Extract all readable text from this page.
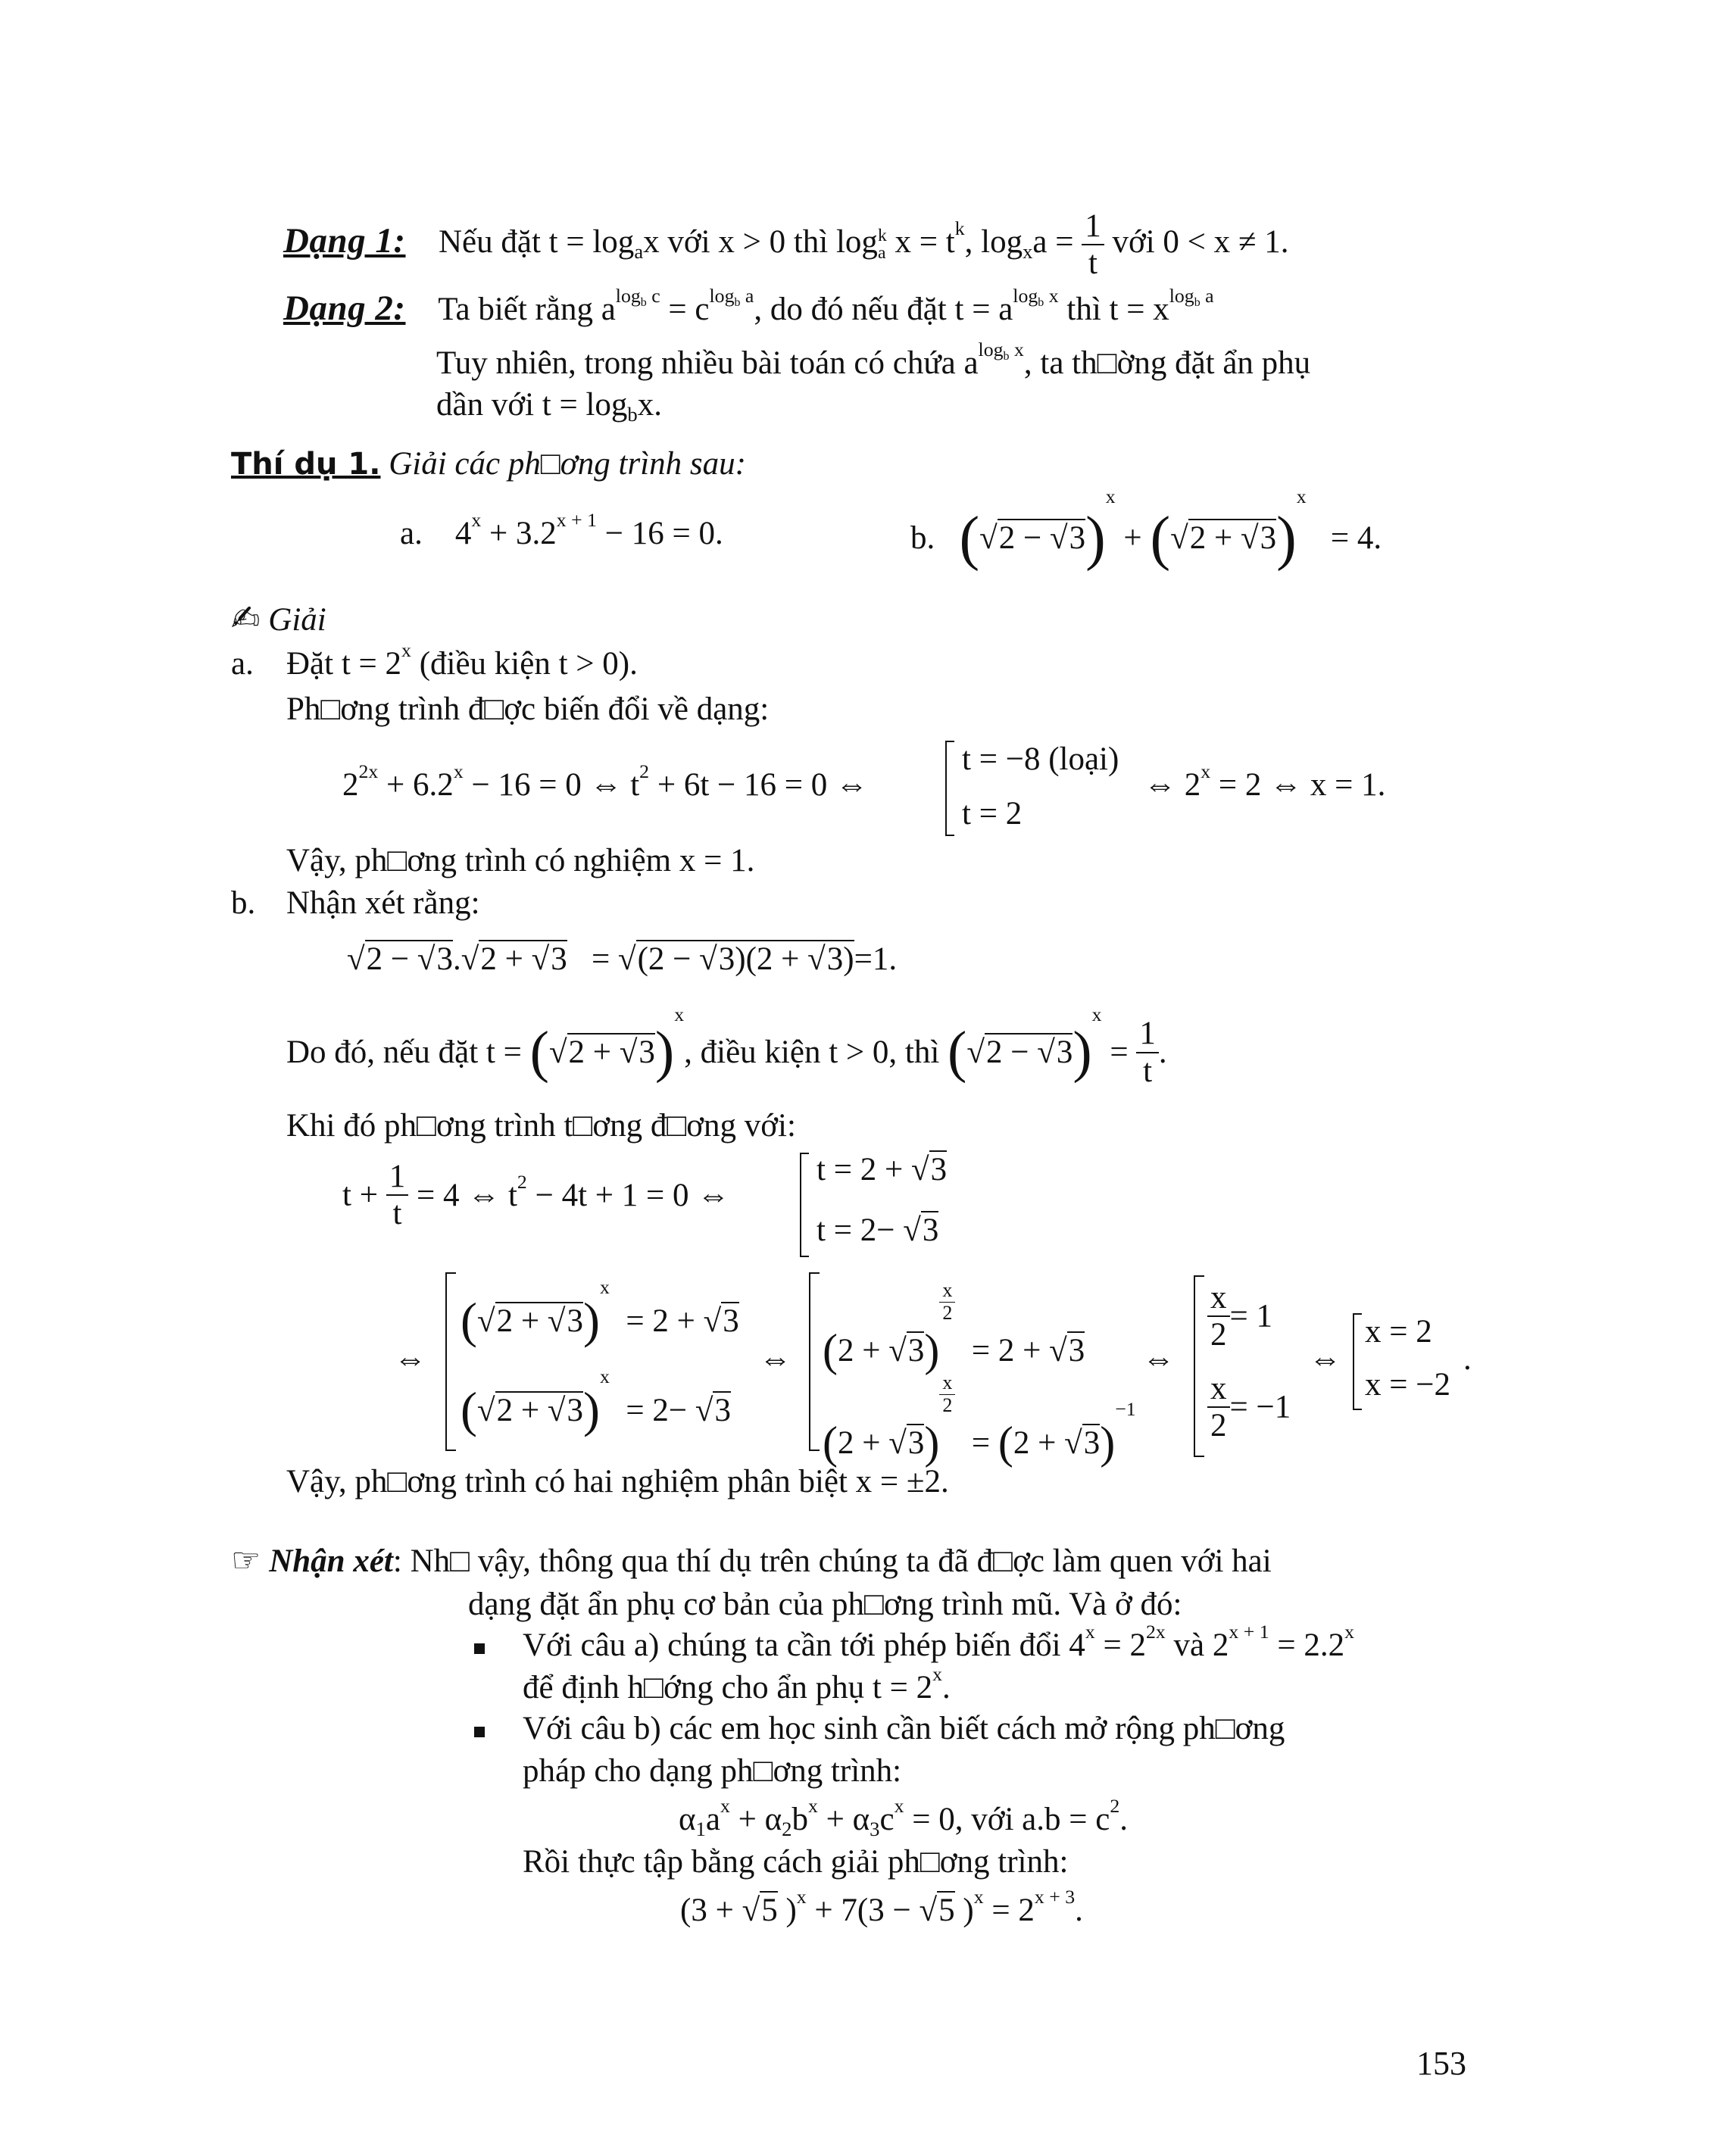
Dạng 1: Nếu đặt $t = \log_ax$ với x > 0 thì log k
a $x = t^k$, $\log_xa = \frac{1}{t}$ với 0 < x ≠ 1.
Dạng 2: Ta biết rằng $a^{log_b c} = c^{log_b a}$, do đó nếu đặt $t = a^{log_b x}$ thì $t = x^{log_b a}$
Tuy nhiên, trong nhiều bài toán có chứa $a^{log_b x}$, ta th□ờng đặt ẩn phụ
dần với $t = \log_bx$.
Thí dụ 1. Giải các ph□ơng trình sau:
a. $4^x + 3.2^{x + 1} - 16 = 0$.	b. $(√2 - √3)^x + (√2 + √3)^x = 4$.
✍ Giải
a. Đặt $t = 2^x$ (điều kiện t > 0).
Ph□ơng trình đ□ợc biến đổi về dạng:
$2^{2x} + 6.2^x - 16 = 0$ ⇔ $t^2 + 6t - 16 = 0$ ⇔
t = −8 (loại)
t = 2
⇔ $2^x = 2$ ⇔ x = 1.
Vậy, ph□ơng trình có nghiệm x = 1.
b. Nhận xét rằng:
√2 − √3.√2 + √3 = √(2 − √3)(2 + √3)=1.
Do đó, nếu đặt $t = (√2 + √3)^x$, điều kiện t > 0, thì $(√2 - √3)^x = \frac{1}{t}$ .
Khi đó ph□ơng trình t□ơng đ□ơng với:
$t + \frac{1}{t} = 4$ ⇔ $t^2 - 4t + 1 = 0$ ⇔
t = 2 + √3
t = 2− √3
⇔
$(√2 + √3)^x = 2 + √3$
$(√2 + √3)^x = 2- √3$
⇔ (2 + √3)
$\frac{x}{2}$
= 2 + √3
(2 + √3)
$\frac{x}{2}$
= $(2 + √3)^{-1}$
⇔
$\frac{x}{2} = 1$
$\frac{x}{2} = -1$
⇔
x = 2
x = −2
.
Vậy, ph□ơng trình có hai nghiệm phân biệt x = ±2.
☞ Nhận xét: Nh□ vậy, thông qua thí dụ trên chúng ta đã đ□ợc làm quen với hai
dạng đặt ẩn phụ cơ bản của ph□ơng trình mũ. Và ở đó:
Với câu a) chúng ta cần tới phép biến đổi $4^x = 2^{2x}$ và $2^{x + 1} = 2.2^x$
để định h□ớng cho ẩn phụ $t = 2^x$.
Với câu b) các em học sinh cần biết cách mở rộng ph□ơng
pháp cho dạng ph□ơng trình:
$\alpha_1a^x + \alpha_2b^x + \alpha_3c^x = 0$, với $a.b = c^2$.
Rồi thực tập bằng cách giải ph□ơng trình:
(3 + √5 )$^x$ + 7(3 − √5 )$^x = 2^{x + 3}$.
153
